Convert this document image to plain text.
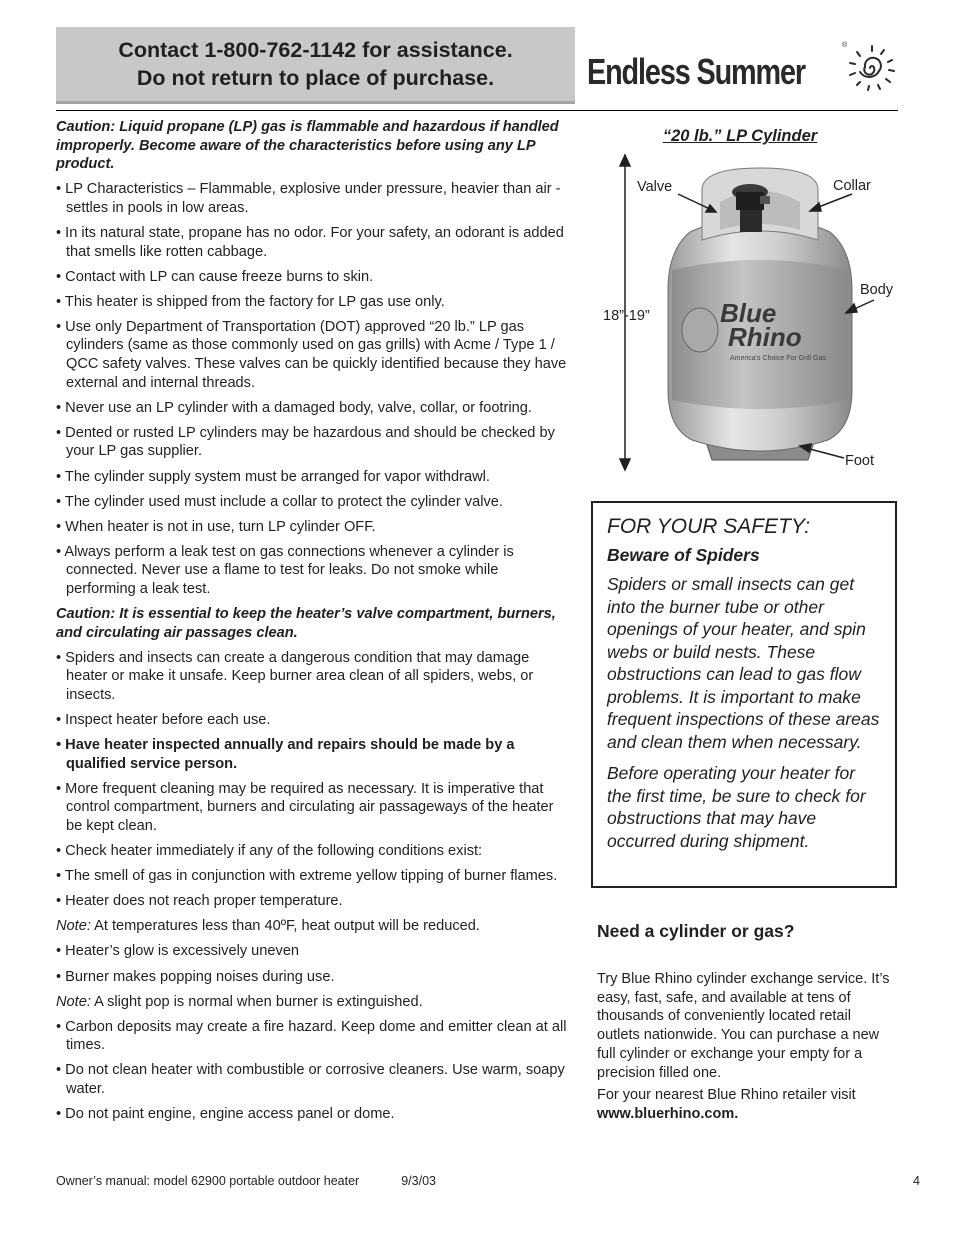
Contact 1-800-762-1142 for assistance.
Do not return to place of purchase.	Endless Summer
®

Caution: Liquid propane (LP) gas is flammable and hazardous if handled improperly. Become aware of the characteristics before using any LP product.

• LP Characteristics – Flammable, explosive under pressure, heavier than air - settles in pools in low areas.

• In its natural state, propane has no odor. For your safety, an odorant is added that smells like rotten cabbage.

• Contact with LP can cause freeze burns to skin.

• This heater is shipped from the factory for LP gas use only.

• Use only Department of Transportation (DOT) approved “20 lb.” LP gas cylinders (same as those commonly used on gas grills) with Acme / Type 1 / QCC safety valves. These valves can be quickly identified because they have external and internal threads.

• Never use an LP cylinder with a damaged body, valve, collar, or footring.

• Dented or rusted LP cylinders may be hazardous and should be checked by your LP gas supplier.

• The cylinder supply system must be arranged for vapor withdrawl.

• The cylinder used must include a collar to protect the cylinder valve.

• When heater is not in use, turn LP cylinder OFF.

• Always perform a leak test on gas connections whenever a cylinder is connected. Never use a flame to test for leaks. Do not smoke while performing a leak test.

Caution: It is essential to keep the heater’s valve compartment, burners, and circulating air passages clean.

• Spiders and insects can create a dangerous condition that may damage heater or make it unsafe. Keep burner area clean of all spiders, webs, or insects.

• Inspect heater before each use.

• Have heater inspected annually and repairs should be made by a qualified service person.

• More frequent cleaning may be required as necessary. It is imperative that control compartment, burners and circulating air passageways of the heater be kept clean.

• Check heater immediately if any of the following conditions exist:

• The smell of gas in conjunction with extreme yellow tipping of burner flames.

• Heater does not reach proper temperature.

Note: At temperatures less than 40ºF, heat output will be reduced.

• Heater’s glow is excessively uneven

• Burner makes popping noises during use.

Note: A slight pop is normal when burner is extinguished.

• Carbon deposits may create a fire hazard. Keep dome and emitter clean at all times.

• Do not clean heater with combustible or corrosive cleaners. Use warm, soapy water.

• Do not paint engine, engine access panel or dome.

“20 lb.” LP Cylinder
Blue
Rhino
America's Choice For Grill Gas
Valve	Collar
Body
18”-19”
Foot
FOR YOUR SAFETY:
Beware of Spiders

Spiders or small insects can get into the burner tube or other openings of your heater, and spin webs or build nests. These obstructions can lead to gas flow problems. It is important to make frequent inspections of these areas and clean them when necessary.

Before operating your heater for the first time, be sure to check for obstructions that may have occurred during shipment.

Need a cylinder or gas?

Try Blue Rhino cylinder exchange service. It’s easy, fast, safe, and available at tens of thousands of conveniently located retail outlets nationwide. You can purchase a new full cylinder or exchange your empty for a precision filled one.

For your nearest Blue Rhino retailer visit

www.bluerhino.com.

Owner’s manual: model 62900 portable outdoor heater	9/3/03	4
